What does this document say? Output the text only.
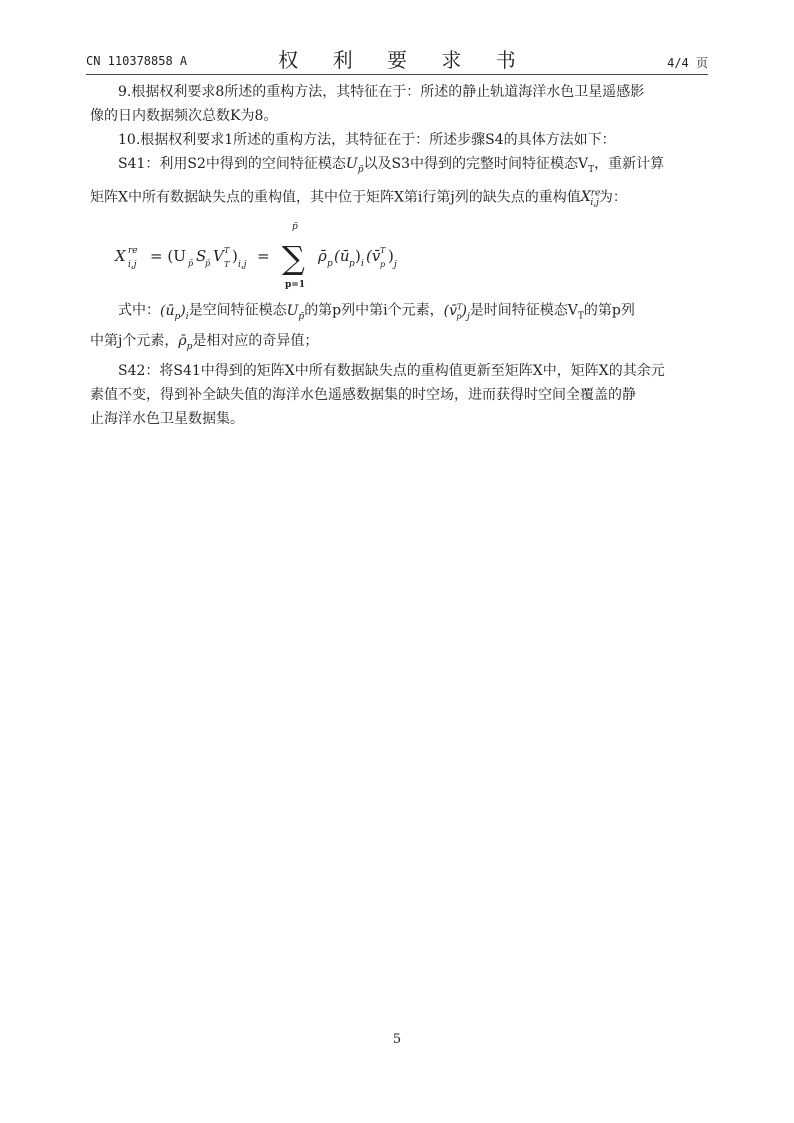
CN 110378858 A	权 利 要 求 书	4/4 页

9.根据权利要求8所述的重构方法，其特征在于：所述的静止轨道海洋水色卫星遥感影

像的日内数据频次总数K为8。

10.根据权利要求1所述的重构方法，其特征在于：所述步骤S4的具体方法如下：

S41：利用S2中得到的空间特征模态$U_{p̄}$以及S3中得到的完整时间特征模态$V_T$，重新计算

矩阵X中所有数据缺失点的重构值，其中位于矩阵X第i行第j列的缺失点的重构值$Xre_{i,j}$为：

X re
i,j = (U p̄ S
p̄ V T
T ) i,j = ∑
p̄
p=1
ρ̄ p (ū p ) i (v̄ T
p ) j

式中：$(ū_p)_i$是空间特征模态$U_{p̄}$的第p列中第i个元素，$(v̄^T_p)_j$是时间特征模态$V_T$的第p列

中第j个元素，$\rhō_p$是相对应的奇异值；

S42：将S41中得到的矩阵X中所有数据缺失点的重构值更新至矩阵X中，矩阵X的其余元

素值不变，得到补全缺失值的海洋水色遥感数据集的时空场，进而获得时空间全覆盖的静

止海洋水色卫星数据集。

5
